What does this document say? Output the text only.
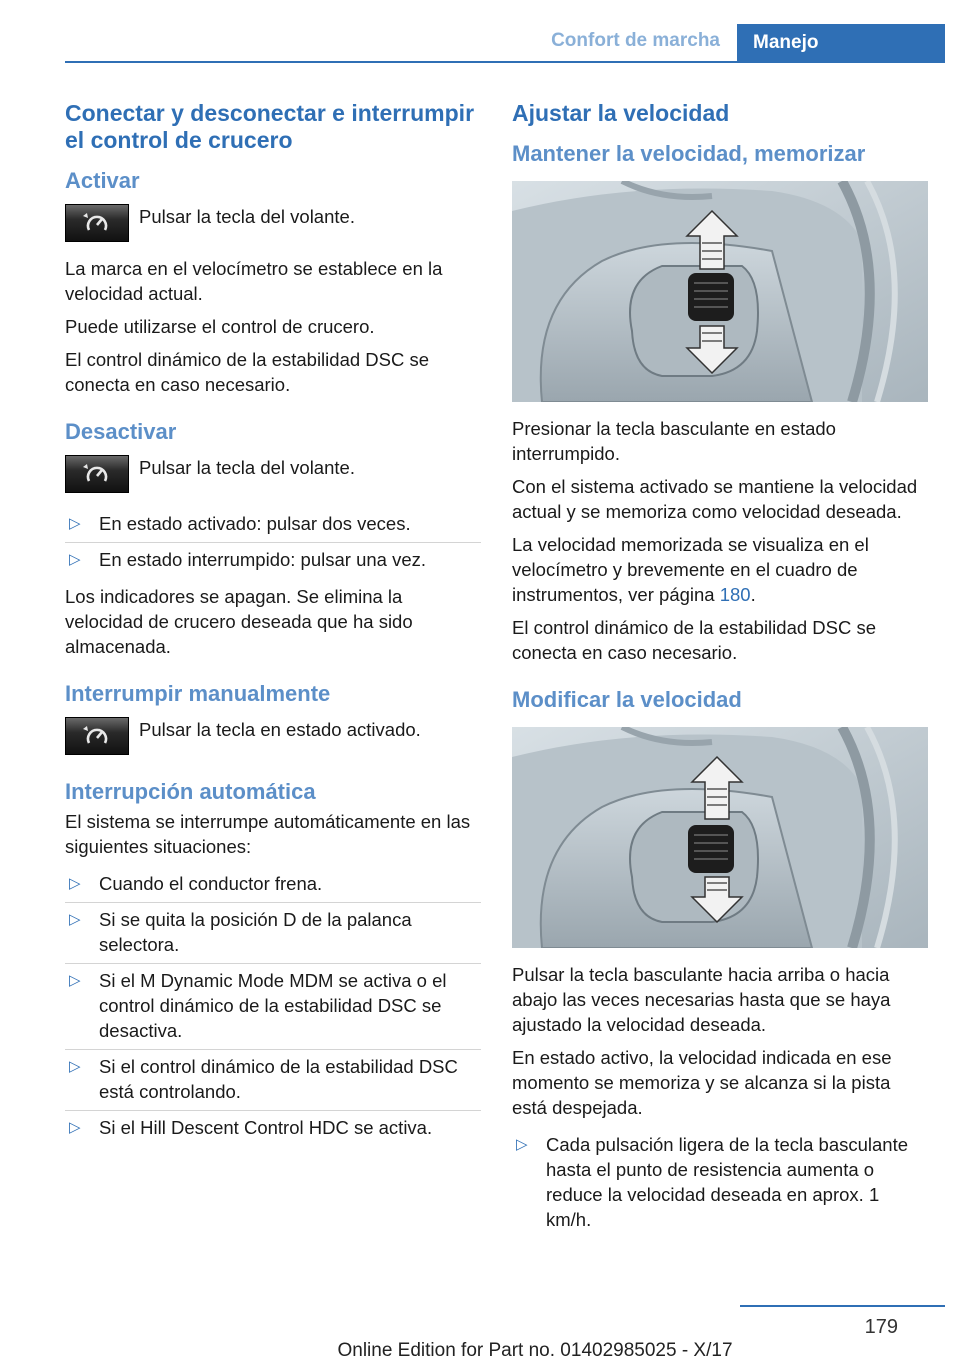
Confort de marcha Manejo
Conectar y desconectar e interrumpir el control de crucero
Activar
Pulsar la tecla del volante.

La marca en el velocímetro se establece en la velocidad actual.

Puede utilizarse el control de crucero.

El control dinámico de la estabilidad DSC se conecta en caso necesario.

Desactivar
Pulsar la tecla del volante.
▷ En estado activado: pulsar dos veces.
▷ En estado interrumpido: pulsar una vez.

Los indicadores se apagan. Se elimina la velocidad de crucero deseada que ha sido almacenada.

Interrumpir manualmente
Pulsar la tecla en estado activado.
Interrupción automática

El sistema se interrumpe automáticamente en las siguientes situaciones:

▷ Cuando el conductor frena.
▷ Si se quita la posición D de la palanca selectora.
▷ Si el M Dynamic Mode MDM se activa o el control dinámico de la estabilidad DSC se desactiva.
▷ Si el control dinámico de la estabilidad DSC está controlando.
▷ Si el Hill Descent Control HDC se activa.
Ajustar la velocidad
Mantener la velocidad, memorizar

Presionar la tecla basculante en estado interrumpido.

Con el sistema activado se mantiene la velocidad actual y se memoriza como velocidad deseada.

La velocidad memorizada se visualiza en el velocímetro y brevemente en el cuadro de instrumentos, ver página 180.

El control dinámico de la estabilidad DSC se conecta en caso necesario.

Modificar la velocidad

Pulsar la tecla basculante hacia arriba o hacia abajo las veces necesarias hasta que se haya ajustado la velocidad deseada.

En estado activo, la velocidad indicada en ese momento se memoriza y se alcanza si la pista está despejada.

▷ Cada pulsación ligera de la tecla basculante hasta el punto de resistencia aumenta o reduce la velocidad deseada en aprox. 1 km/h.
179
Online Edition for Part no. 01402985025 - X/17
